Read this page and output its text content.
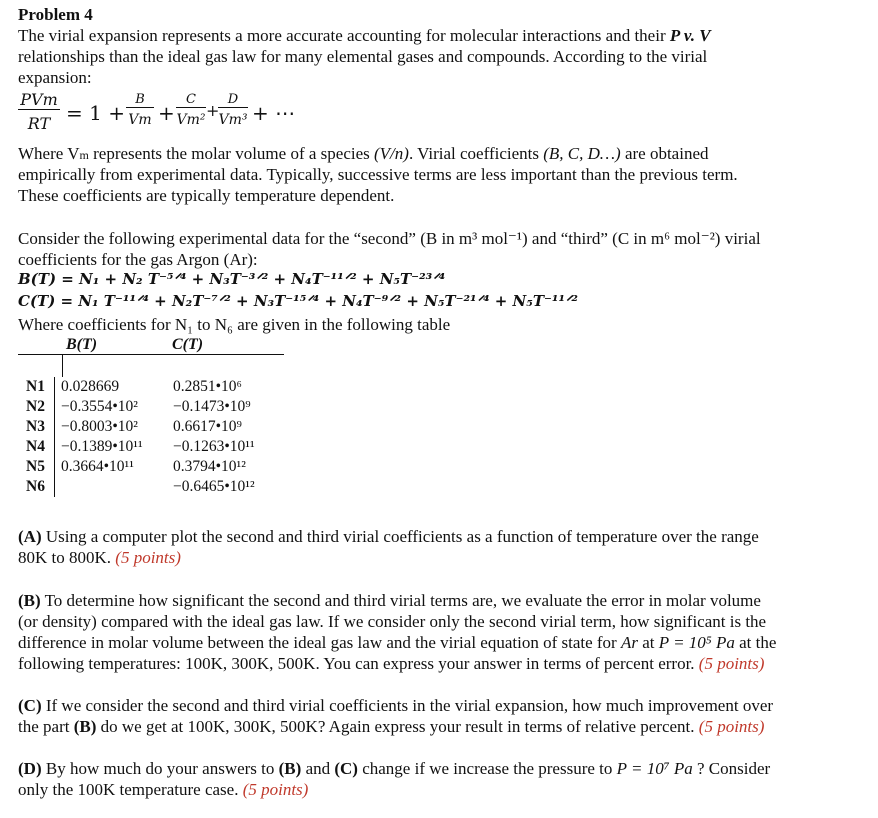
Problem 4
The virial expansion represents a more accurate accounting for molecular interactions and their P v. V
relationships than the ideal gas law for many elemental gases and compounds. According to the virial
expansion:
PVm
RT = $1 + \frac{B}{Vm} + \frac{C}{\text{Vm²}}$ +
$\frac{D}{\text{Vm³}}$ + ⋯
Where Vm represents the molar volume of a species (V/n). Virial coefficients (B, C, D…) are obtained
empirically from experimental data. Typically, successive terms are less important than the previous term.
These coefficients are typically temperature dependent.
Consider the following experimental data for the “second” (B in m³ mol⁻¹) and “third” (C in m⁶ mol⁻²) virial
coefficients for the gas Argon (Ar):
B(T) = N₁ + N₂ T⁻⁵ᐟ⁴ + N₃T⁻³ᐟ² + N₄T⁻¹¹ᐟ² + N₅T⁻²³ᐟ⁴
C(T) = N₁ T⁻¹¹ᐟ⁴ + N₂T⁻⁷ᐟ² + N₃T⁻¹⁵ᐟ⁴ + N₄T⁻⁹ᐟ² + N₅T⁻²¹ᐟ⁴ + N₅T⁻¹¹ᐟ²
Where coefficients for N₁ to N₆ are given in the following table
B(T)	C(T)
N1	0.028669	0.2851•10⁶
N2	−0.3554•10²	−0.1473•10⁹
N3	−0.8003•10²	0.6617•10⁹
N4	−0.1389•10¹¹	−0.1263•10¹¹
N5	0.3664•10¹¹	0.3794•10¹²
N6		−0.6465•10¹²
(A) Using a computer plot the second and third virial coefficients as a function of temperature over the range
80K to 800K. (5 points)
(B) To determine how significant the second and third virial terms are, we evaluate the error in molar volume
(or density) compared with the ideal gas law. If we consider only the second virial term, how significant is the
difference in molar volume between the ideal gas law and the virial equation of state for Ar at P = 10⁵ Pa at the
following temperatures: 100K, 300K, 500K. You can express your answer in terms of percent error. (5 points)
(C) If we consider the second and third virial coefficients in the virial expansion, how much improvement over
the part (B) do we get at 100K, 300K, 500K? Again express your result in terms of relative percent. (5 points)
(D) By how much do your answers to (B) and (C) change if we increase the pressure to P = 10⁷ Pa ? Consider
only the 100K temperature case. (5 points)
